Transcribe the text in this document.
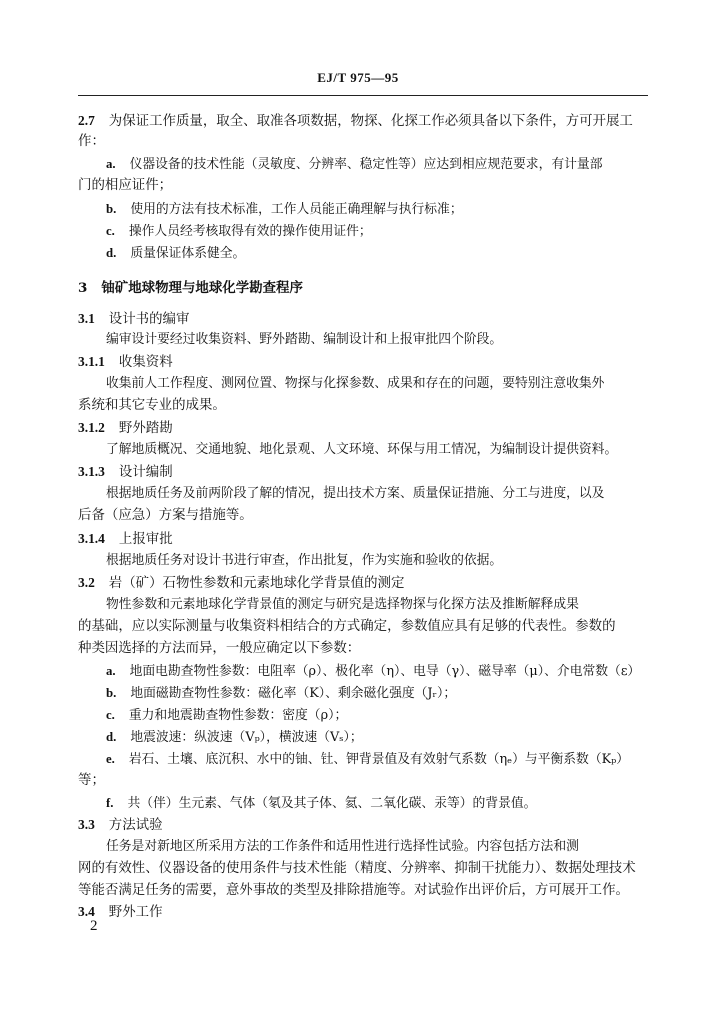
EJ/T 975—95
2.7 为保证工作质量，取全、取准各项数据，物探、化探工作必须具备以下条件，方可开展工
作：
a. 仪器设备的技术性能（灵敏度、分辨率、稳定性等）应达到相应规范要求，有计量部
门的相应证件；
b. 使用的方法有技术标准，工作人员能正确理解与执行标准；
c. 操作人员经考核取得有效的操作使用证件；
d. 质量保证体系健全。
3 铀矿地球物理与地球化学勘查程序
3.1 设计书的编审
编审设计要经过收集资料、野外踏勘、编制设计和上报审批四个阶段。
3.1.1 收集资料
收集前人工作程度、测网位置、物探与化探参数、成果和存在的问题，要特别注意收集外
系统和其它专业的成果。
3.1.2 野外踏勘
了解地质概况、交通地貌、地化景观、人文环境、环保与用工情况，为编制设计提供资料。
3.1.3 设计编制
根据地质任务及前两阶段了解的情况，提出技术方案、质量保证措施、分工与进度，以及
后备（应急）方案与措施等。
3.1.4 上报审批
根据地质任务对设计书进行审查，作出批复，作为实施和验收的依据。
3.2 岩（矿）石物性参数和元素地球化学背景值的测定
物性参数和元素地球化学背景值的测定与研究是选择物探与化探方法及推断解释成果
的基础，应以实际测量与收集资料相结合的方式确定，参数值应具有足够的代表性。参数的
种类因选择的方法而异，一般应确定以下参数：
a. 地面电勘查物性参数：电阻率（ρ）、极化率（η）、电导（γ）、磁导率（μ）、介电常数（ε）
b. 地面磁勘查物性参数：磁化率（K）、剩余磁化强度（Jᵣ）；
c. 重力和地震勘查物性参数：密度（ρ）；
d. 地震波速：纵波速（Vₚ），横波速（Vₛ）；
e. 岩石、土壤、底沉积、水中的铀、钍、钾背景值及有效射气系数（ηₑ）与平衡系数（Kₚ）
等；
f. 共（伴）生元素、气体（氡及其子体、氦、二氧化碳、汞等）的背景值。
3.3 方法试验
任务是对新地区所采用方法的工作条件和适用性进行选择性试验。内容包括方法和测
网的有效性、仪器设备的使用条件与技术性能（精度、分辨率、抑制干扰能力）、数据处理技术
等能否满足任务的需要，意外事故的类型及排除措施等。对试验作出评价后，方可展开工作。
3.4 野外工作
2
